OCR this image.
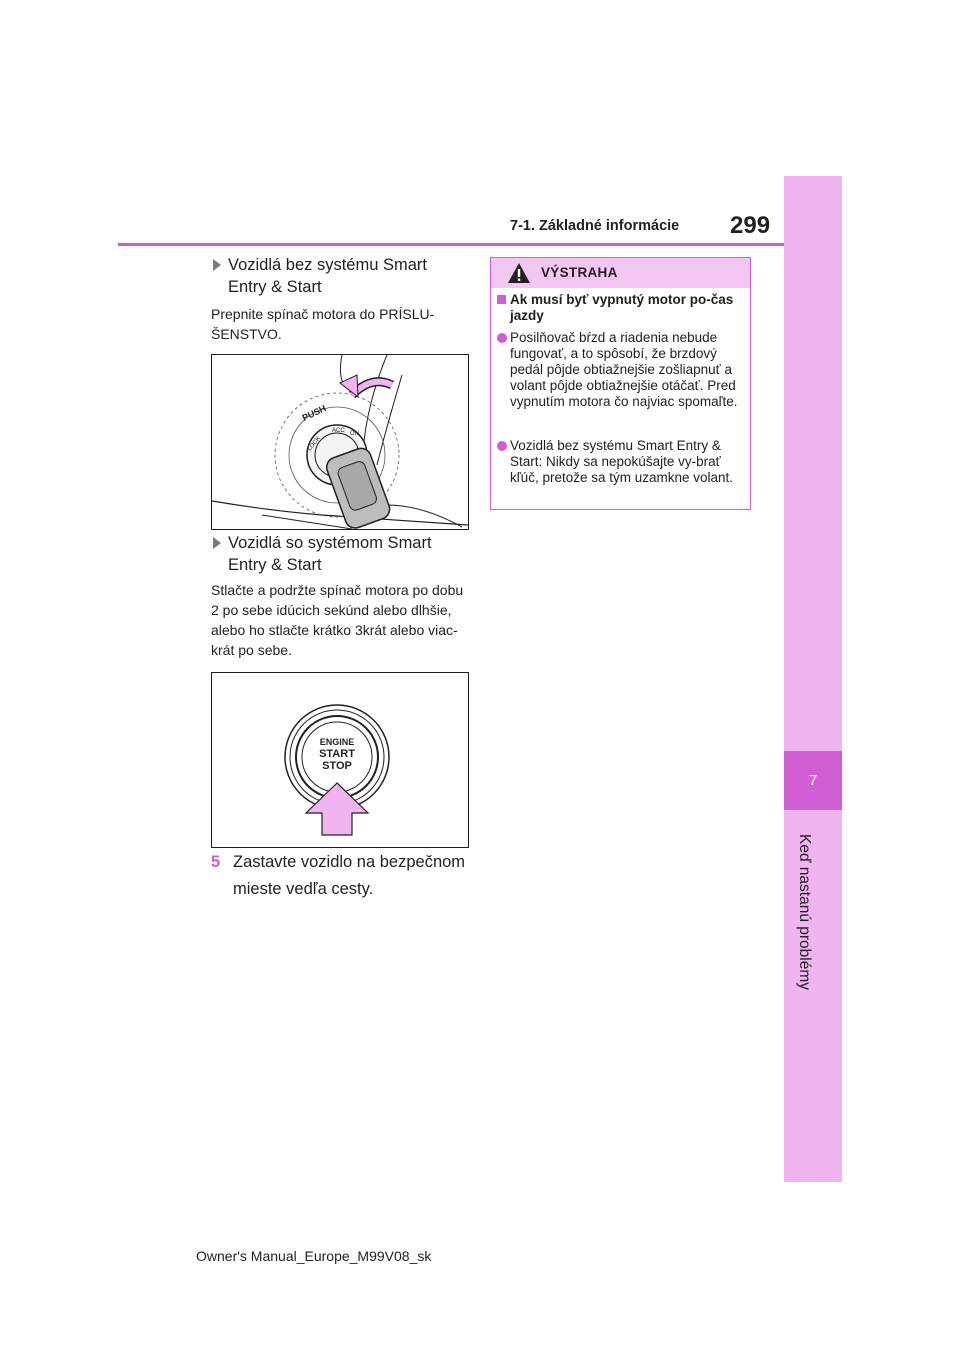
7
Keď nastanú problémy
7-1. Základné informácie 299
Vozidlá bez systému Smart Entry & Start
Prepnite spínač motora do PRÍSLU-ŠENSTVO.
PUSH
LOCK
ACC ON
Vozidlá so systémom Smart Entry & Start
Stlačte a podržte spínač motora po dobu 2 po sebe idúcich sekúnd alebo dlhšie, alebo ho stlačte krátko 3krát alebo viac-krát po sebe.
ENGINE
START
STOP
5 Zastavte vozidlo na bezpečnom mieste vedľa cesty.
VÝSTRAHA
Ak musí byť vypnutý motor po-čas jazdy
Posilňovač bŕzd a riadenia nebude fungovať, a to spôsobí, že brzdový pedál pôjde obtiažnejšie zošliapnuť a volant pôjde obtiažnejšie otáčať. Pred vypnutím motora čo najviac spomaľte.
Vozidlá bez systému Smart Entry & Start: Nikdy sa nepokúšajte vy-brať kľúč, pretože sa tým uzamkne volant.
Owner's Manual_Europe_M99V08_sk
